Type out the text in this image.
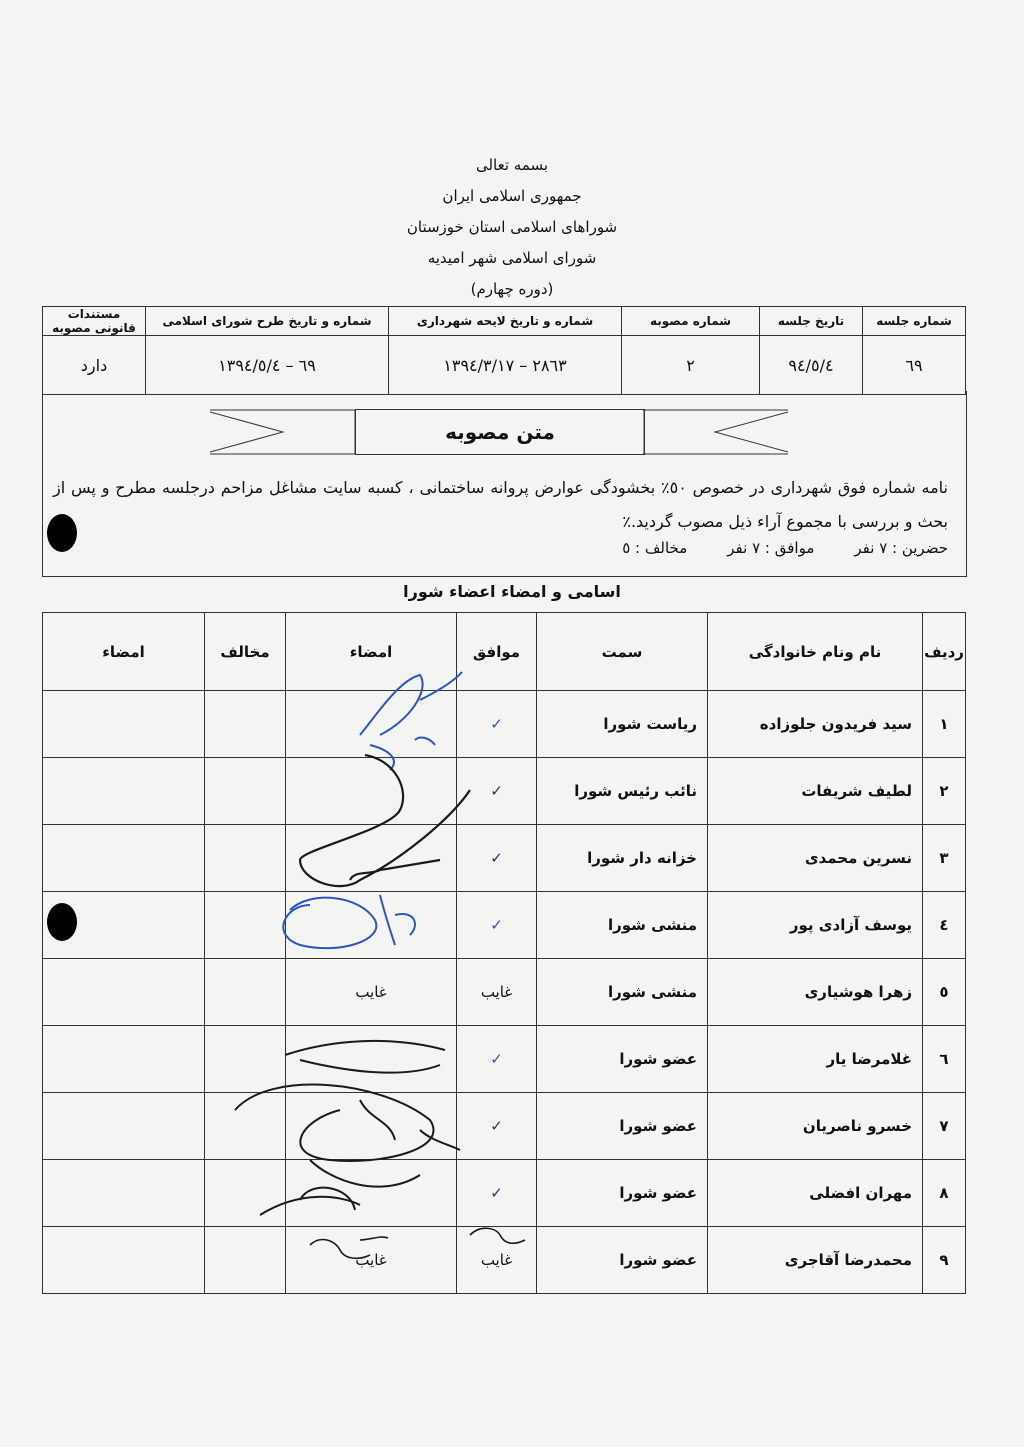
بسمه تعالی
جمهوری اسلامی ایران
شوراهای اسلامی استان خوزستان
شورای اسلامی شهر امیدیه
(دوره چهارم)
شماره جلسه	تاریخ جلسه	شماره مصوبه	شماره و تاریخ لایحه شهرداری	شماره و تاریخ طرح شورای اسلامی	مستندات قانونی مصوبه
٦٩	٩٤/٥/٤	٢	٢٨٦٣ – ١٣٩٤/٣/١٧	٦٩ – ١٣٩٤/٥/٤	دارد
متن مصوبه
نامه شماره فوق شهرداری در خصوص ٥٠٪ بخشودگی عوارض پروانه ساختمانی ، کسبه سایت مشاغل مزاحم درجلسه مطرح و پس از بحث و بررسی با مجموع آراء ذیل مصوب گردید.٪
حضرین : ٧ نفر
موافق : ٧ نفر
مخالف : ٥
اسامی و امضاء اعضاء شورا
ردیف	نام ونام خانوادگی	سمت	موافق	امضاء	مخالف	امضاء
١	سید فریدون جلوزاده	ریاست شورا	✓			
٢	لطیف شریفات	نائب رئیس شورا	✓			
٣	نسرین محمدی	خزانه دار شورا	✓			
٤	یوسف آزادی پور	منشی شورا	✓			
٥	زهرا هوشیاری	منشی شورا	غایب	غایب		
٦	غلامرضا یار	عضو شورا	✓			
٧	خسرو ناصریان	عضو شورا	✓			
٨	مهران افضلی	عضو شورا	✓			
٩	محمدرضا آقاجری	عضو شورا	غایب	غایب		
